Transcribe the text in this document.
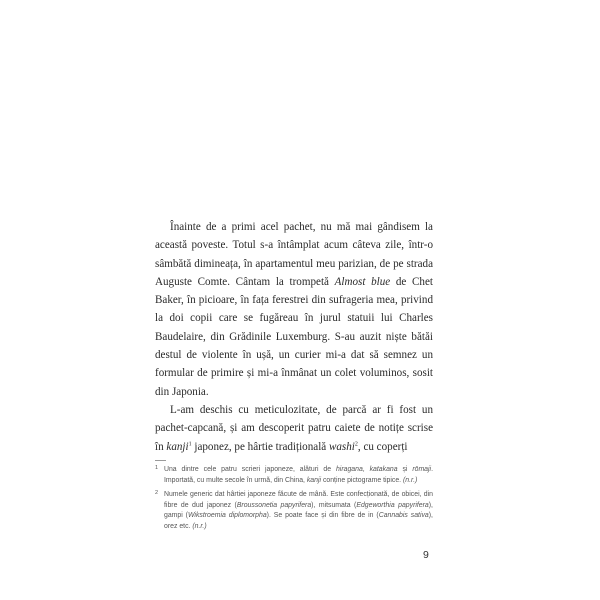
Înainte de a primi acel pachet, nu mă mai gândisem la această poveste. Totul s-a întâmplat acum câteva zile, într-o sâmbătă dimineața, în apartamentul meu parizian, de pe strada Auguste Comte. Cântam la trompetă Almost blue de Chet Baker, în picioare, în fața ferestrei din sufrageria mea, privind la doi copii care se fugăreau în jurul statuii lui Charles Baudelaire, din Grădinile Luxemburg. S-au auzit niște bătăi destul de violente în ușă, un curier mi-a dat să semnez un formular de primire și mi-a înmânat un colet voluminos, sosit din Japonia.

L-am deschis cu meticulozitate, de parcă ar fi fost un pachet-capcană, și am descoperit patru caiete de notițe scrise în kanji$^1$ japonez, pe hârtie tradițională washi$^2$, cu coperți

1 Una dintre cele patru scrieri japoneze, alături de hiragana, katakana și rōmaji. Importată, cu multe secole în urmă, din China, kanji conține pictograme tipice. (n.r.)
2 Numele generic dat hârtiei japoneze făcute de mână. Este confecționată, de obicei, din fibre de dud japonez (Broussonetia papyrifera), mitsumata (Edgeworthia papyrifera), gampi (Wikstroemia diplomorpha). Se poate face și din fibre de in (Cannabis sativa), orez etc. (n.r.)
9
